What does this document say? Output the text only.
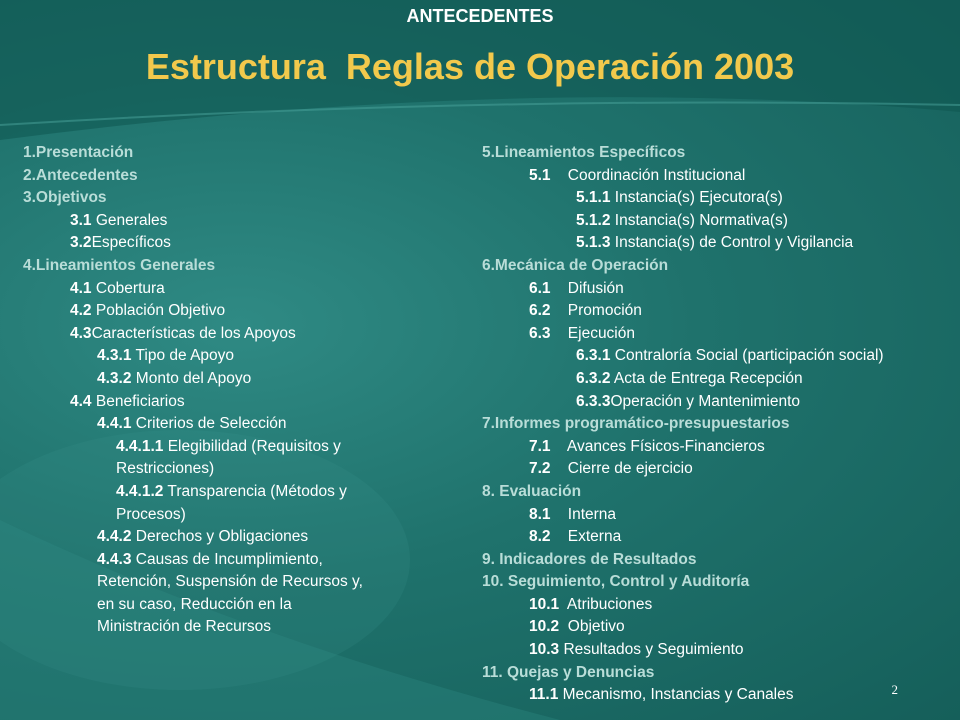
ANTECEDENTES
Estructura  Reglas de Operación 2003
1.Presentación
2.Antecedentes
3.Objetivos
3.1 Generales
3.2Específicos
4.Lineamientos Generales
4.1 Cobertura
4.2 Población Objetivo
4.3Características de los Apoyos
4.3.1 Tipo de Apoyo
4.3.2 Monto del Apoyo
4.4 Beneficiarios
4.4.1 Criterios de Selección
4.4.1.1 Elegibilidad (Requisitos y
Restricciones)
4.4.1.2 Transparencia (Métodos y
Procesos)
4.4.2 Derechos y Obligaciones
4.4.3 Causas de Incumplimiento,
Retención, Suspensión de Recursos y,
en su caso, Reducción en la
Ministración de Recursos
5.Lineamientos Específicos
5.1    Coordinación Institucional
5.1.1 Instancia(s) Ejecutora(s)
5.1.2 Instancia(s) Normativa(s)
5.1.3 Instancia(s) de Control y Vigilancia
6.Mecánica de Operación
6.1    Difusión
6.2    Promoción
6.3    Ejecución
6.3.1 Contraloría Social (participación social)
6.3.2 Acta de Entrega Recepción
6.3.3Operación y Mantenimiento
7.Informes programático-presupuestarios
7.1    Avances Físicos-Financieros
7.2    Cierre de ejercicio
8. Evaluación
8.1    Interna
8.2    Externa
9. Indicadores de Resultados
10. Seguimiento, Control y Auditoría
10.1  Atribuciones
10.2  Objetivo
10.3 Resultados y Seguimiento
11. Quejas y Denuncias
11.1 Mecanismo, Instancias y Canales	2
